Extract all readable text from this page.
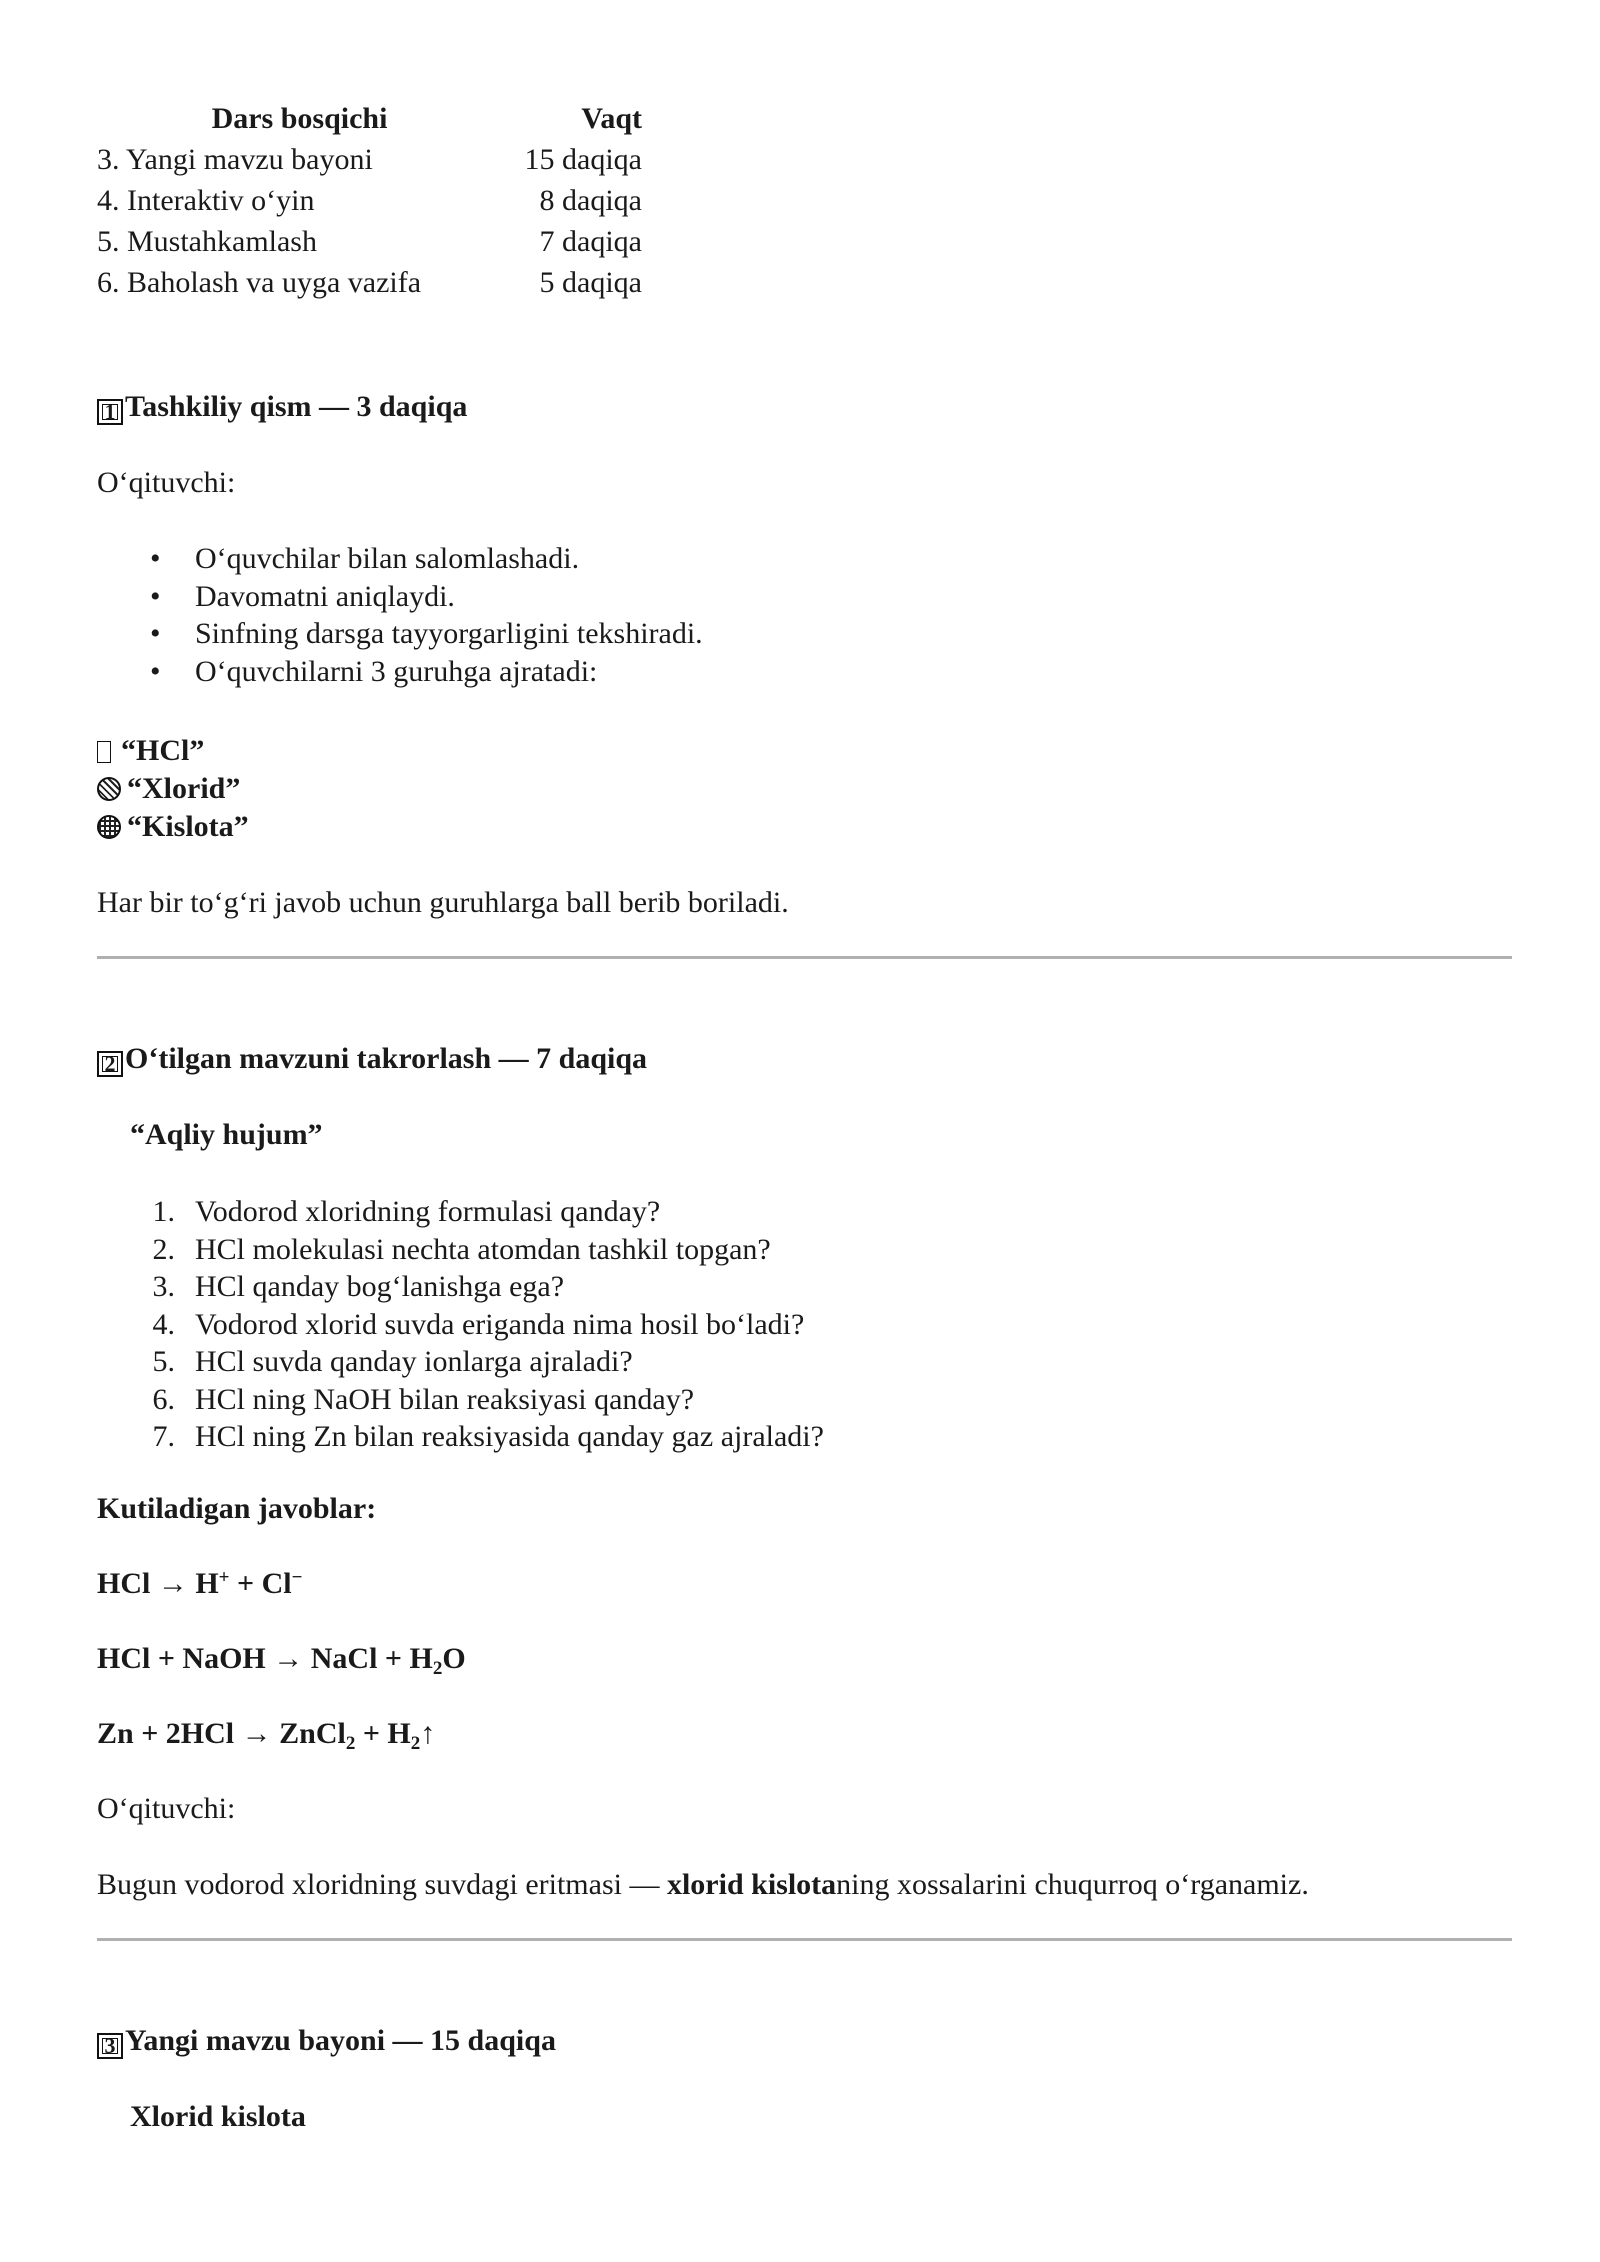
Dars bosqichi	Vaqt
3. Yangi mavzu bayoni	15 daqiqa
4. Interaktiv o‘yin	8 daqiqa
5. Mustahkamlash	7 daqiqa
6. Baholash va uyga vazifa	5 daqiqa
1 Tashkiliy qism — 3 daqiqa
O‘qituvchi:
• O‘quvchilar bilan salomlashadi.
• Davomatni aniqlaydi.
• Sinfning darsga tayyorgarligini tekshiradi.
• O‘quvchilarni 3 guruhga ajratadi:
“HCl”
“Xlorid”
“Kislota”
Har bir to‘g‘ri javob uchun guruhlarga ball berib boriladi.
2 O‘tilgan mavzuni takrorlash — 7 daqiqa
“Aqliy hujum”
1. Vodorod xloridning formulasi qanday?
2. HCl molekulasi nechta atomdan tashkil topgan?
3. HCl qanday bog‘lanishga ega?
4. Vodorod xlorid suvda eriganda nima hosil bo‘ladi?
5. HCl suvda qanday ionlarga ajraladi?
6. HCl ning NaOH bilan reaksiyasi qanday?
7. HCl ning Zn bilan reaksiyasida qanday gaz ajraladi?
Kutiladigan javoblar:
HCl → H+ + Cl−
HCl + NaOH → NaCl + $H_2O$
Zn + 2HCl → ZnCl$_2$ + $H_2↑$
O‘qituvchi:
Bugun vodorod xloridning suvdagi eritmasi — xlorid kislotaning xossalarini chuqurroq o‘rganamiz.
3 Yangi mavzu bayoni — 15 daqiqa
Xlorid kislota
